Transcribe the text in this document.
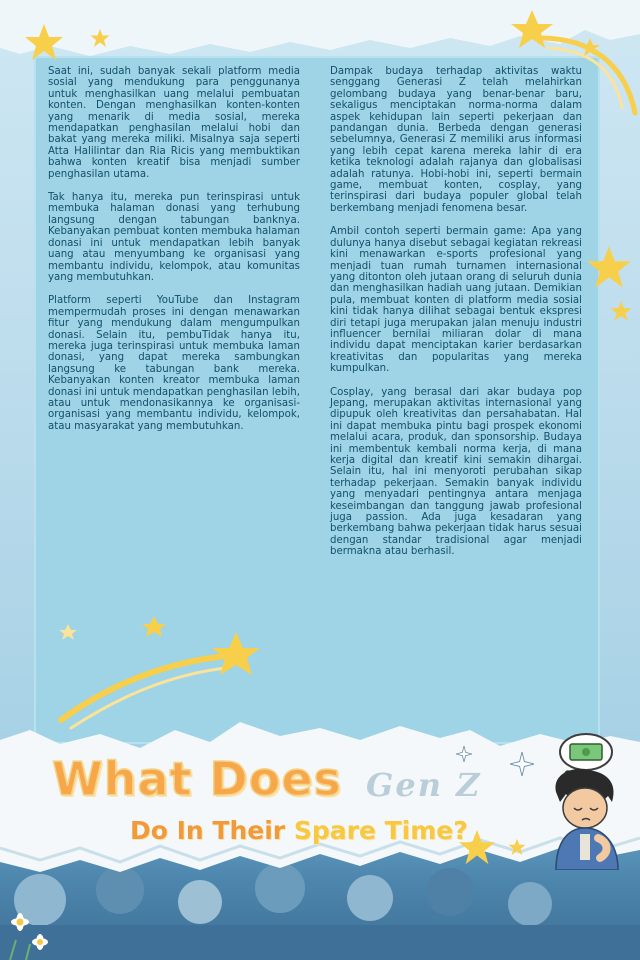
Saat ini, sudah banyak sekali platform media sosial yang mendukung para penggunanya untuk menghasilkan uang melalui pembuatan konten. Dengan menghasilkan konten-konten yang menarik di media sosial, mereka mendapatkan penghasilan melalui hobi dan bakat yang mereka miliki. Misalnya saja seperti Atta Halilintar dan Ria Ricis yang membuktikan bahwa konten kreatif bisa menjadi sumber penghasilan utama.

Tak hanya itu, mereka pun terinspirasi untuk membuka halaman donasi yang terhubung langsung dengan tabungan banknya. Kebanyakan pembuat konten membuka halaman donasi ini untuk mendapatkan lebih banyak uang atau menyumbang ke organisasi yang membantu individu, kelompok, atau komunitas yang membutuhkan.

Platform seperti YouTube dan Instagram mempermudah proses ini dengan menawarkan fitur yang mendukung dalam mengumpulkan donasi. Selain itu, pembuTidak hanya itu, mereka juga terinspirasi untuk membuka laman donasi, yang dapat mereka sambungkan langsung ke tabungan bank mereka. Kebanyakan konten kreator membuka laman donasi ini untuk mendapatkan penghasilan lebih, atau untuk mendonasikannya ke organisasi-organisasi yang membantu individu, kelompok, atau masyarakat yang membutuhkan.

Dampak budaya terhadap aktivitas waktu senggang Generasi Z telah melahirkan gelombang budaya yang benar-benar baru, sekaligus menciptakan norma-norma dalam aspek kehidupan lain seperti pekerjaan dan pandangan dunia. Berbeda dengan generasi sebelumnya, Generasi Z memiliki arus informasi yang lebih cepat karena mereka lahir di era ketika teknologi adalah rajanya dan globalisasi adalah ratunya. Hobi-hobi ini, seperti bermain game, membuat konten, cosplay, yang terinspirasi dari budaya populer global telah berkembang menjadi fenomena besar.

Ambil contoh seperti bermain game: Apa yang dulunya hanya disebut sebagai kegiatan rekreasi kini menawarkan e-sports profesional yang menjadi tuan rumah turnamen internasional yang ditonton oleh jutaan orang di seluruh dunia dan menghasilkan hadiah uang jutaan. Demikian pula, membuat konten di platform media sosial kini tidak hanya dilihat sebagai bentuk ekspresi diri tetapi juga merupakan jalan menuju industri influencer bernilai miliaran dolar di mana individu dapat menciptakan karier berdasarkan kreativitas dan popularitas yang mereka kumpulkan.

Cosplay, yang berasal dari akar budaya pop Jepang, merupakan aktivitas internasional yang dipupuk oleh kreativitas dan persahabatan. Hal ini dapat membuka pintu bagi prospek ekonomi melalui acara, produk, dan sponsorship. Budaya ini membentuk kembali norma kerja, di mana kerja digital dan kreatif kini semakin dihargai. Selain itu, hal ini menyoroti perubahan sikap terhadap pekerjaan. Semakin banyak individu yang menyadari pentingnya antara menjaga keseimbangan dan tanggung jawab profesional juga passion. Ada juga kesadaran yang berkembang bahwa pekerjaan tidak harus sesuai dengan standar tradisional agar menjadi bermakna atau berhasil.

What Does Gen Z
Do In Their Spare Time?
